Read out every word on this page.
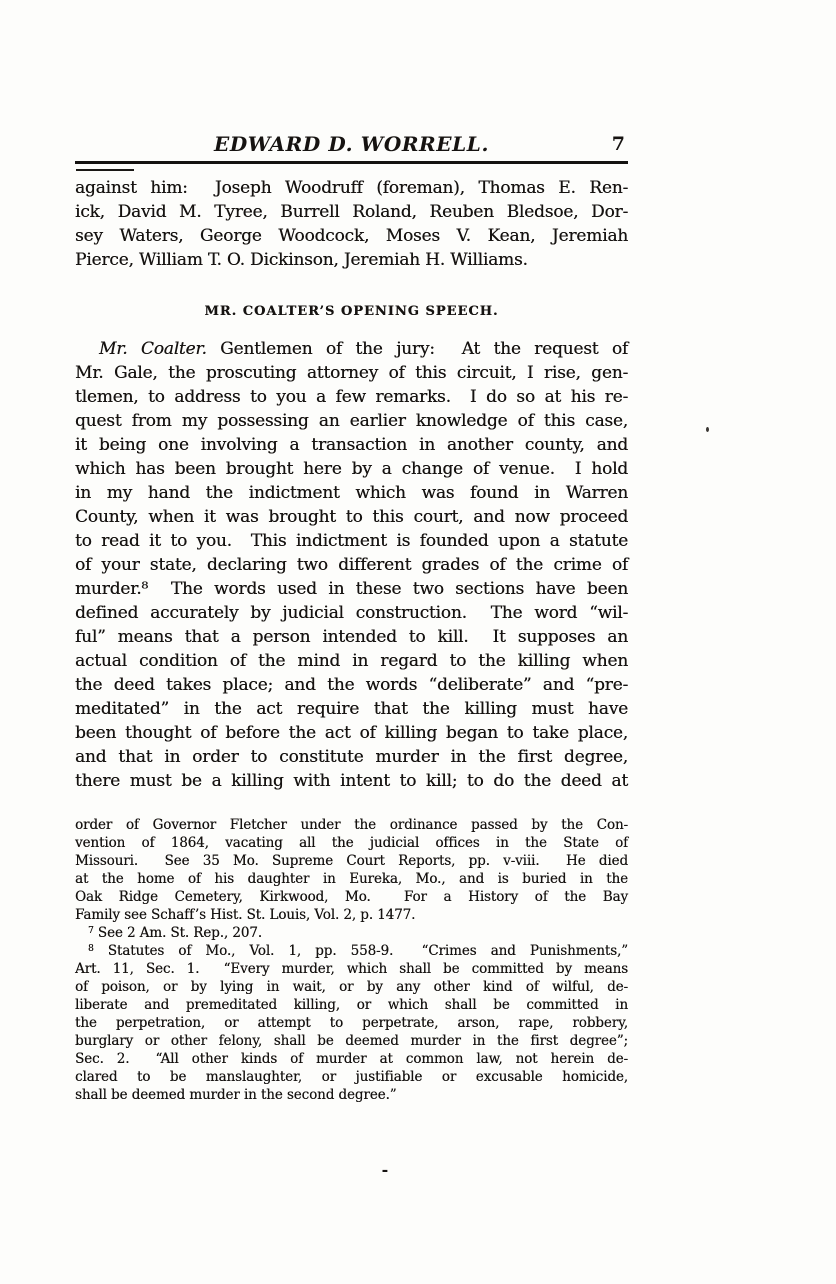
EDWARD D. WORRELL.	7
against him:  Joseph Woodruff (foreman), Thomas E. Ren-
ick, David M. Tyree, Burrell Roland, Reuben Bledsoe, Dor-
sey Waters, George Woodcock, Moses V. Kean, Jeremiah
Pierce, William T. O. Dickinson, Jeremiah H. Williams.
MR. COALTER’S OPENING SPEECH.
Mr. Coalter. Gentlemen of the jury:  At the request of
Mr. Gale, the proscuting attorney of this circuit, I rise, gen-
tlemen, to address to you a few remarks.  I do so at his re-
quest from my possessing an earlier knowledge of this case,
it being one involving a transaction in another county, and
which has been brought here by a change of venue.  I hold
in my hand the indictment which was found in Warren
County, when it was brought to this court, and now proceed
to read it to you.  This indictment is founded upon a statute
of your state, declaring two different grades of the crime of
murder.⁸  The words used in these two sections have been
defined accurately by judicial construction.  The word “wil-
ful” means that a person intended to kill.  It supposes an
actual condition of the mind in regard to the killing when
the deed takes place; and the words “deliberate” and “pre-
meditated” in the act require that the killing must have
been thought of before the act of killing began to take place,
and that in order to constitute murder in the first degree,
there must be a killing with intent to kill; to do the deed at
order of Governor Fletcher under the ordinance passed by the Con-
vention of 1864, vacating all the judicial offices in the State of
Missouri.  See 35 Mo. Supreme Court Reports, pp. v-viii.  He died
at the home of his daughter in Eureka, Mo., and is buried in the
Oak Ridge Cemetery, Kirkwood, Mo.  For a History of the Bay
Family see Schaff’s Hist. St. Louis, Vol. 2, p. 1477.
$^7$ See 2 Am. St. Rep., 207.
$^8$ Statutes of Mo., Vol. 1, pp. 558-9.  “Crimes and Punishments,”
Art. 11, Sec. 1.  “Every murder, which shall be committed by means
of poison, or by lying in wait, or by any other kind of wilful, de-
liberate and premeditated killing, or which shall be committed in
the perpetration, or attempt to perpetrate, arson, rape, robbery,
burglary or other felony, shall be deemed murder in the first degree”;
Sec. 2.  “All other kinds of murder at common law, not herein de-
clared to be manslaughter, or justifiable or excusable homicide,
shall be deemed murder in the second degree.”
-
